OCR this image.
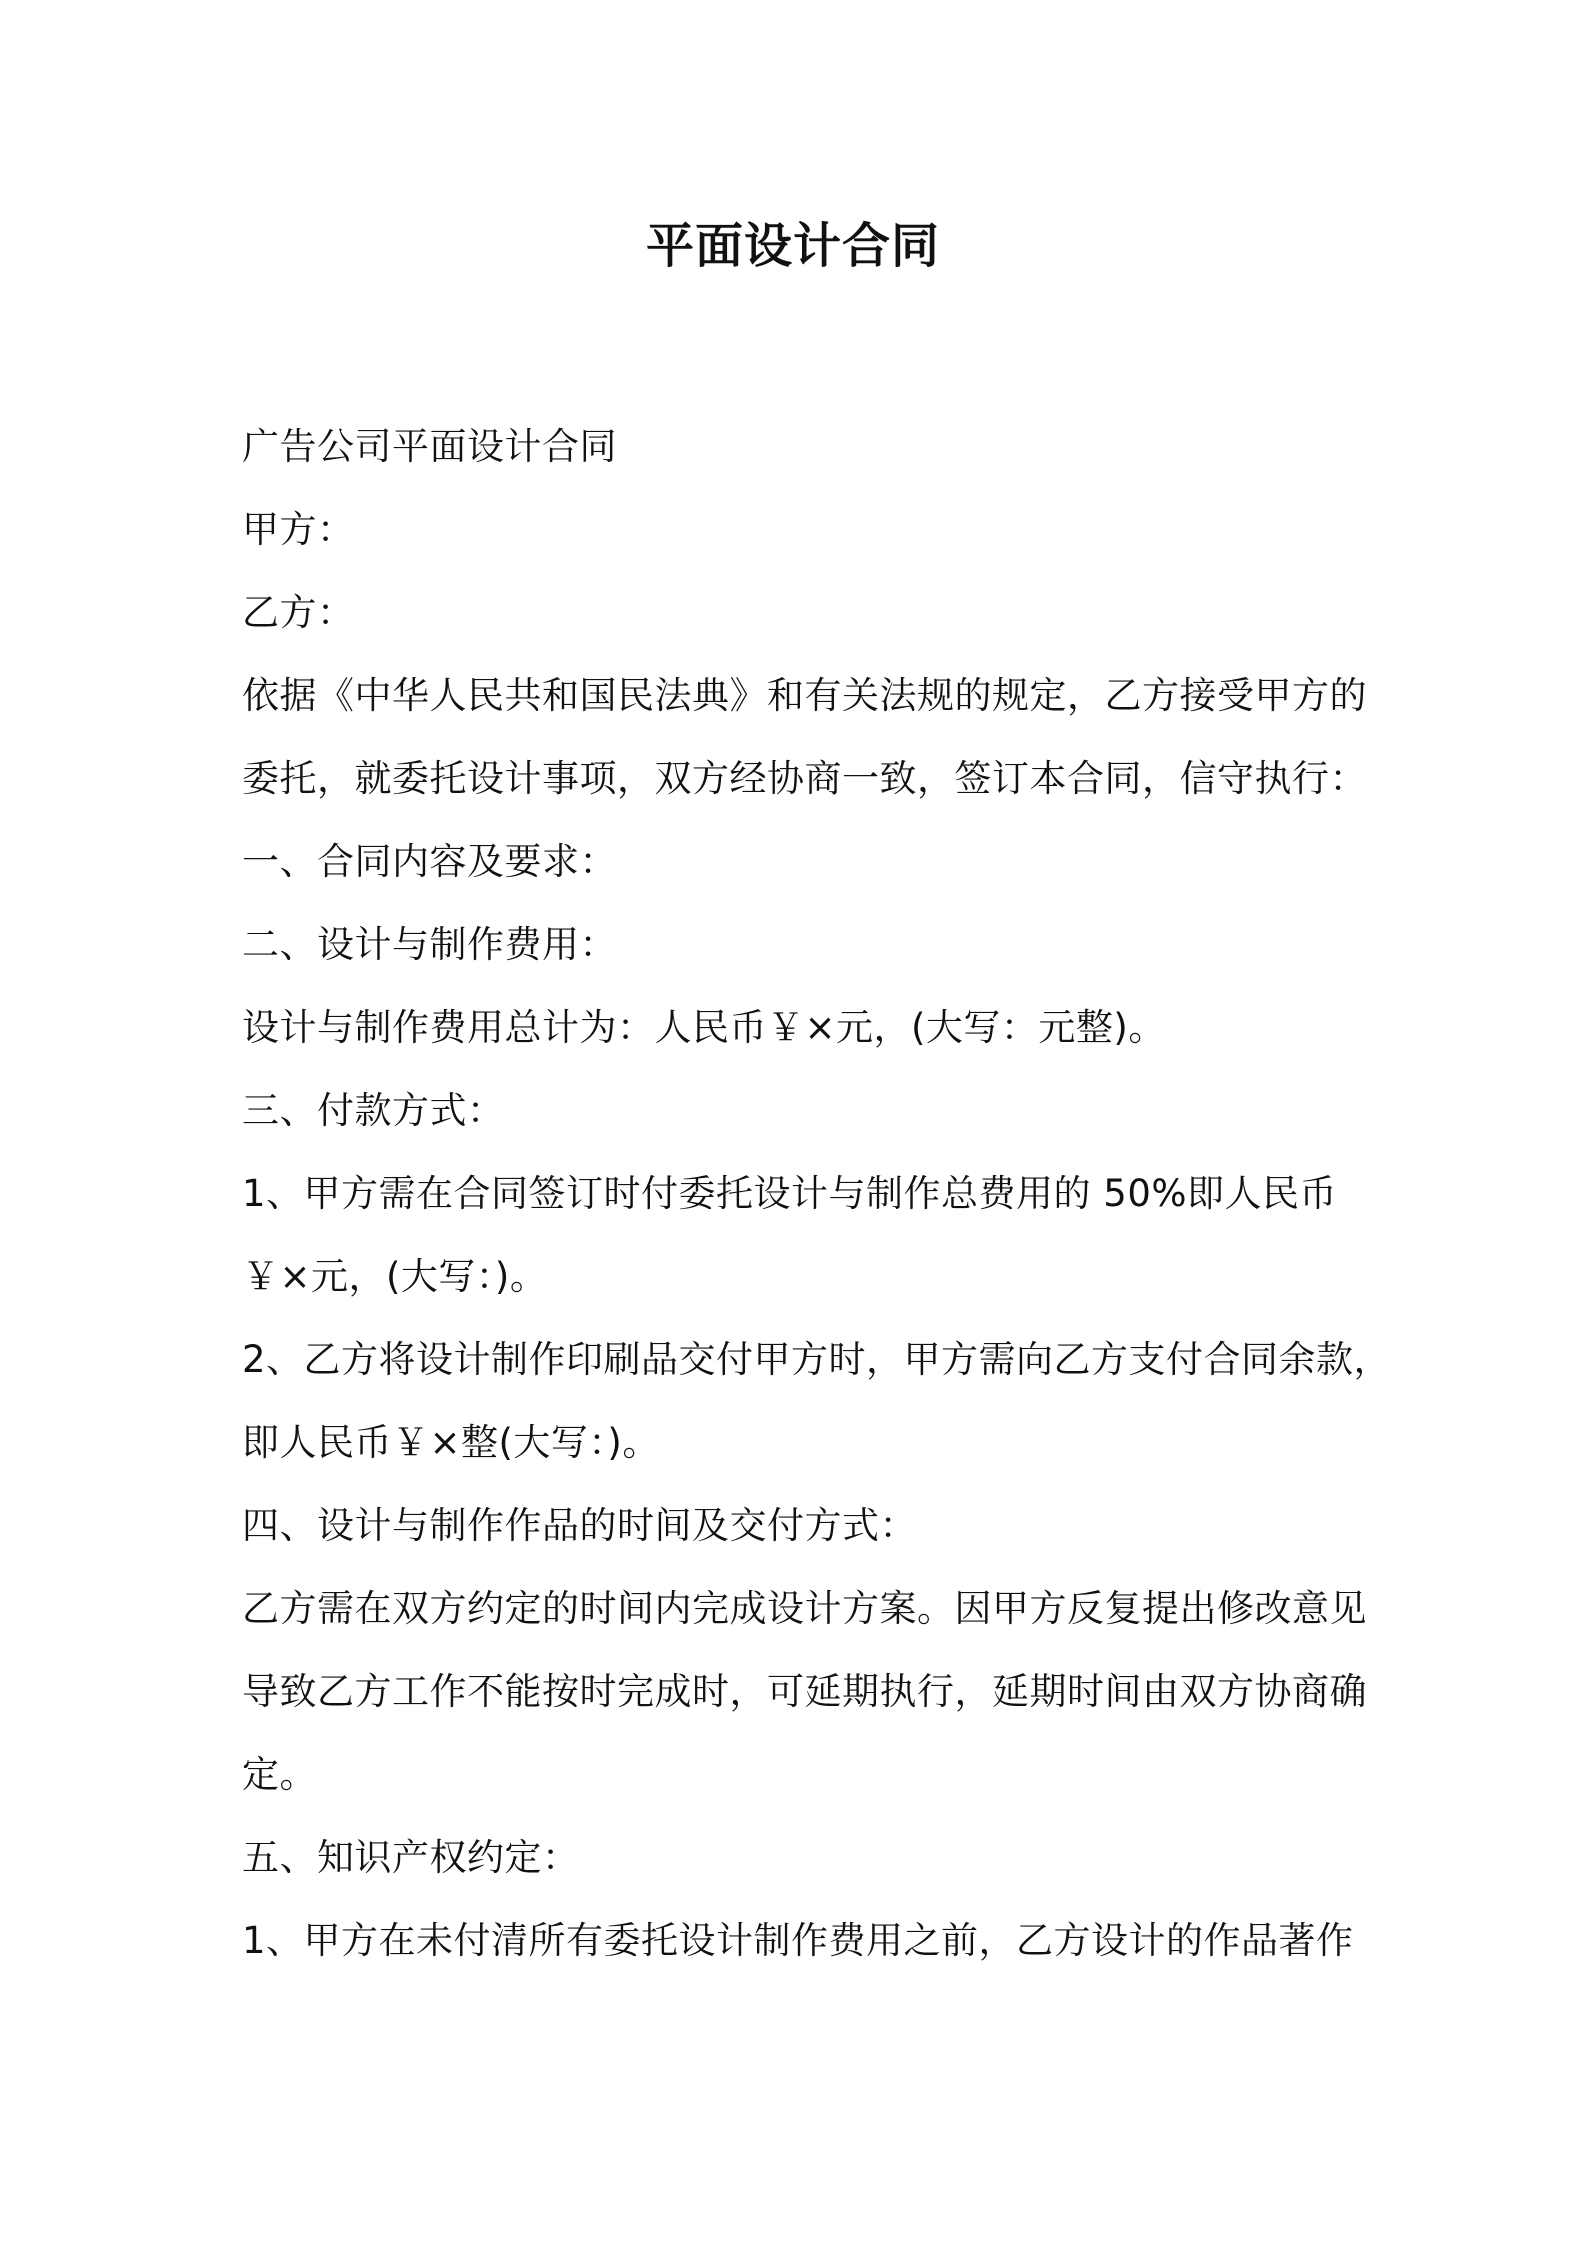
平面设计合同
广告公司平面设计合同
甲方：
乙方：
依据《中华人民共和国民法典》和有关法规的规定，乙方接受甲方的
委托，就委托设计事项，双方经协商一致，签订本合同，信守执行：
一、合同内容及要求：
二、设计与制作费用：
设计与制作费用总计为：人民币￥×元，(大写：元整)。
三、付款方式：
1、甲方需在合同签订时付委托设计与制作总费用的 50%即人民币
￥×元，(大写：)。
2、乙方将设计制作印刷品交付甲方时，甲方需向乙方支付合同余款，
即人民币￥×整(大写：)。
四、设计与制作作品的时间及交付方式：
乙方需在双方约定的时间内完成设计方案。因甲方反复提出修改意见
导致乙方工作不能按时完成时，可延期执行，延期时间由双方协商确
定。
五、知识产权约定：
1、甲方在未付清所有委托设计制作费用之前，乙方设计的作品著作
